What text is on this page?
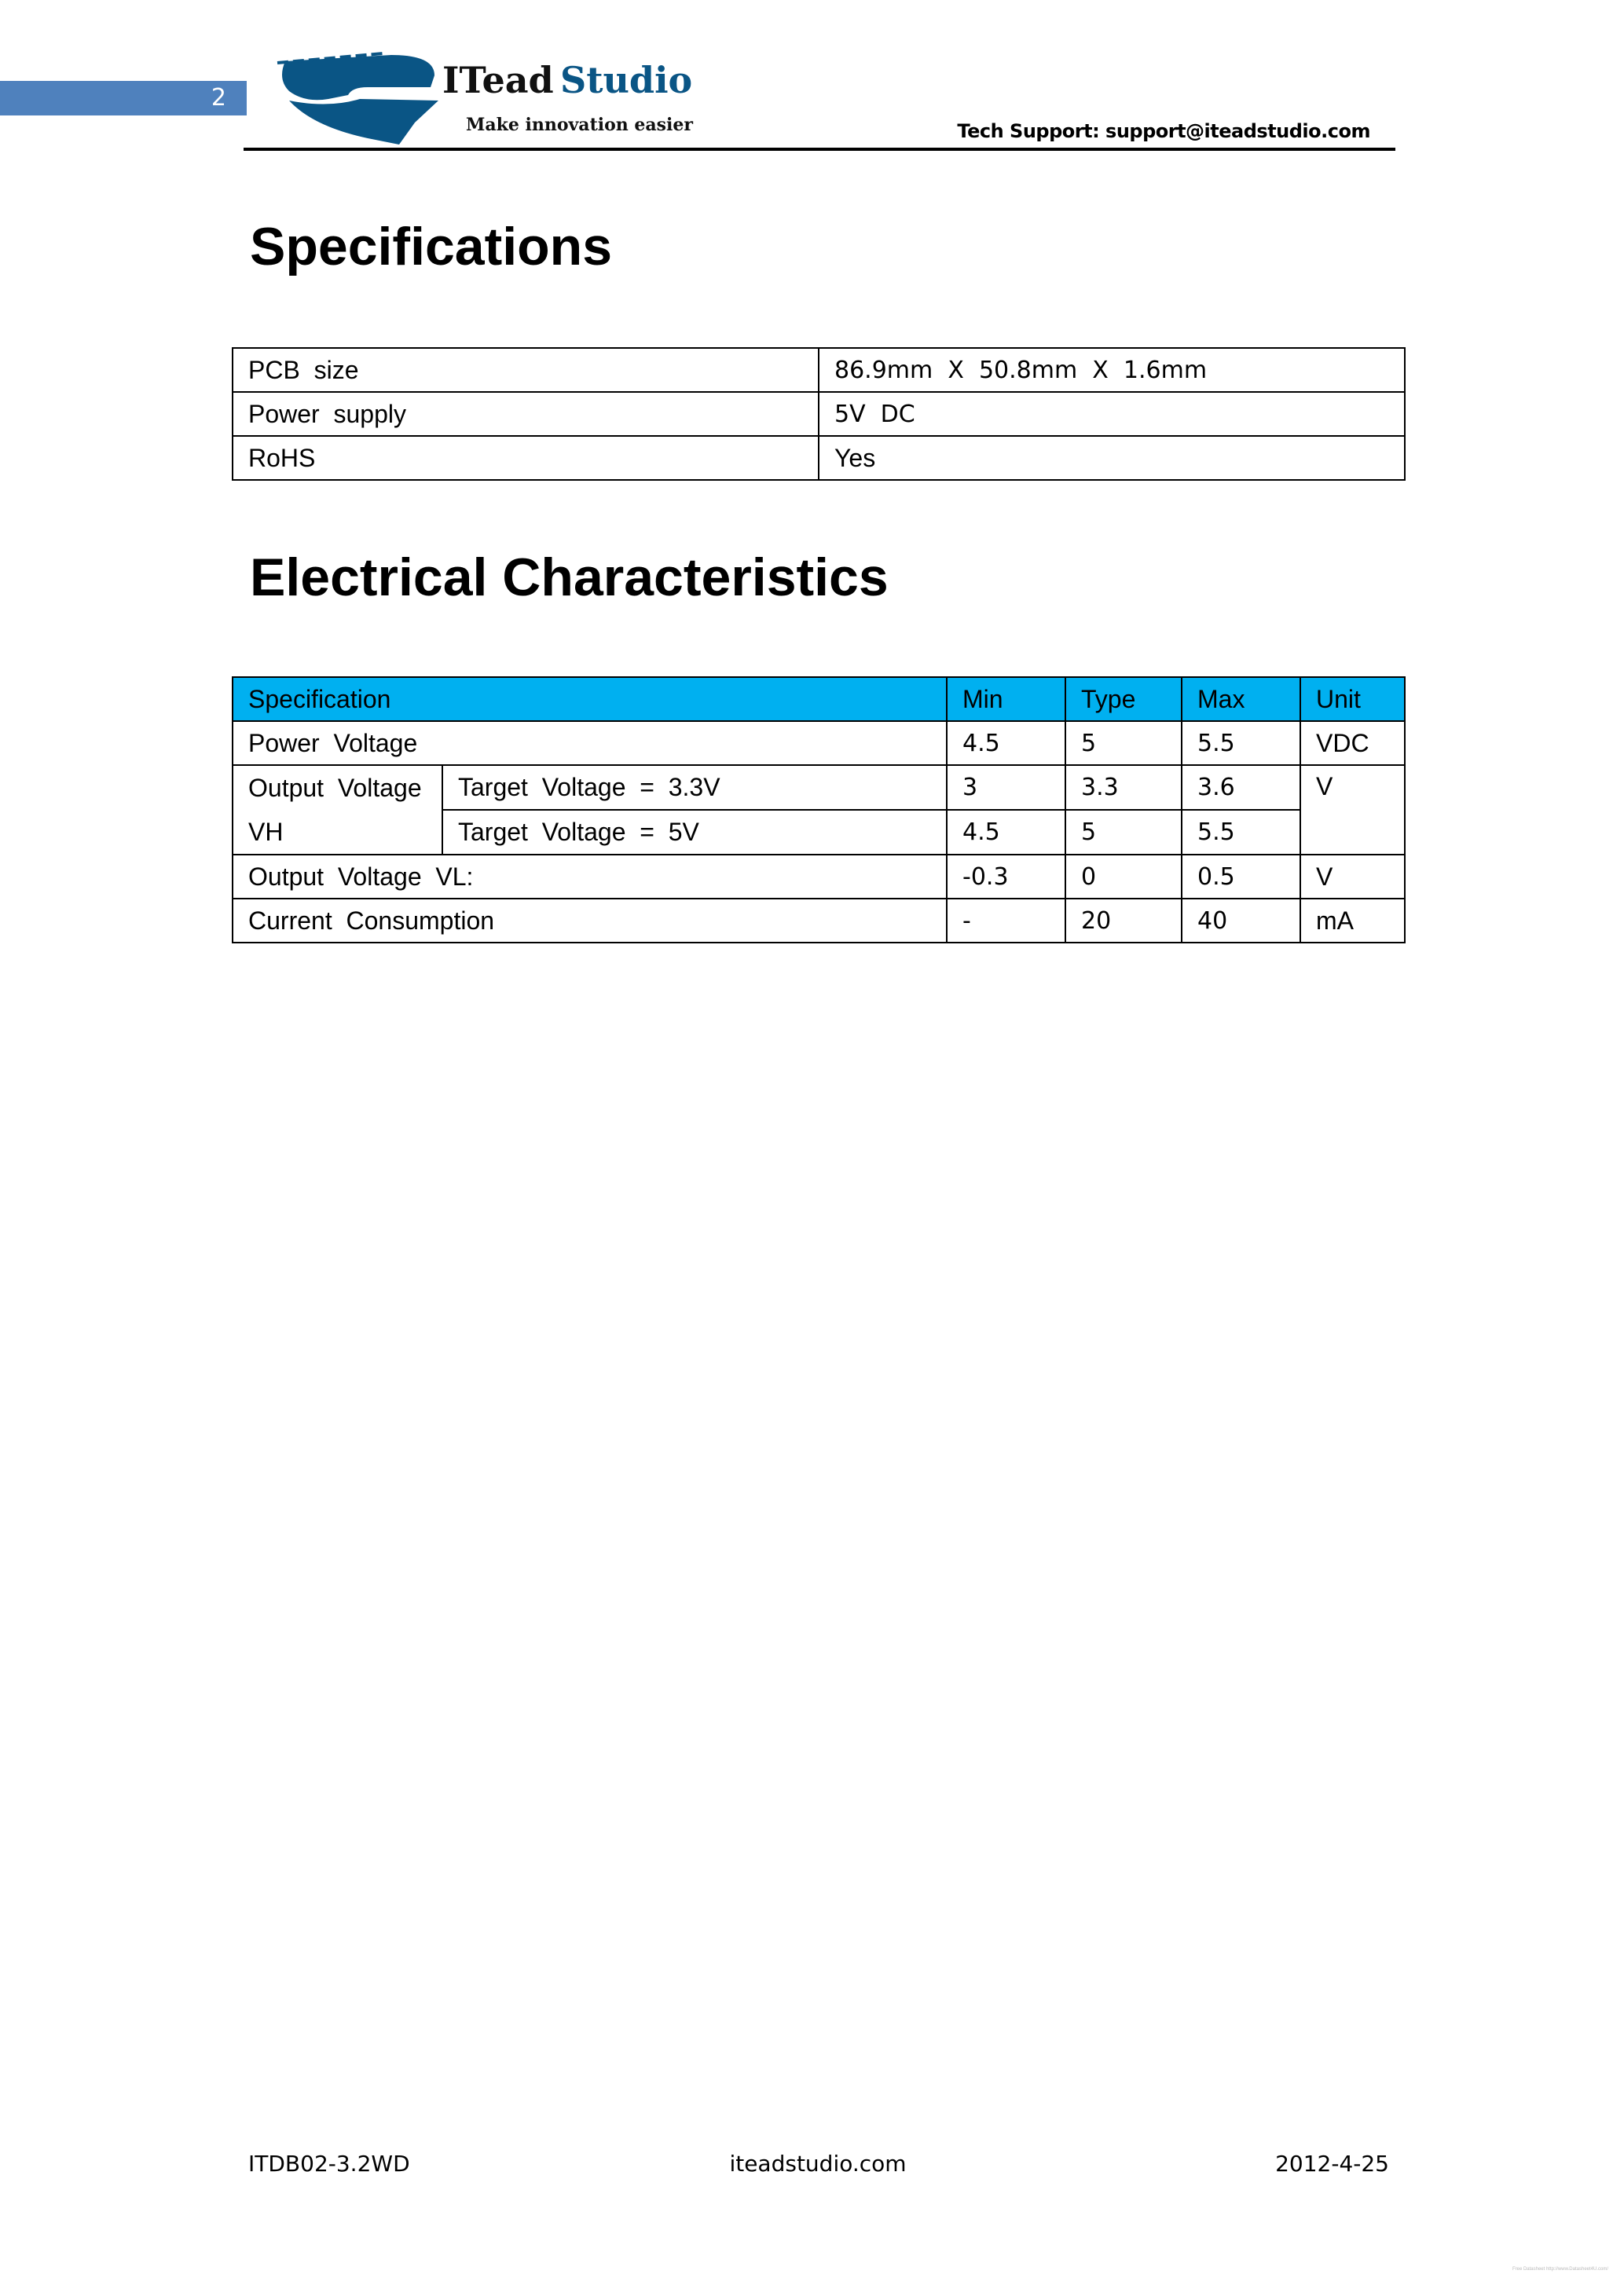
2	ITead Studio
Make innovation easier	Tech Support: support@iteadstudio.com
Specifications
PCB  size	86.9mm  X  50.8mm  X  1.6mm
Power  supply	5V  DC
RoHS	Yes
Electrical Characteristics
Specification		Min	Type	Max	Unit
Power  Voltage		4.5	5	5.5	VDC
Output  Voltage
VH	Target  Voltage  =  3.3V	3	3.3	3.6	V
	Target  Voltage  =  5V	4.5	5	5.5	
Output  Voltage  VL:		-0.3	0	0.5	V
Current  Consumption		-	20	40	mA
ITDB02-3.2WD	iteadstudio.com	2012-4-25
Free Datasheet http://www.Datasheet4U.com/
